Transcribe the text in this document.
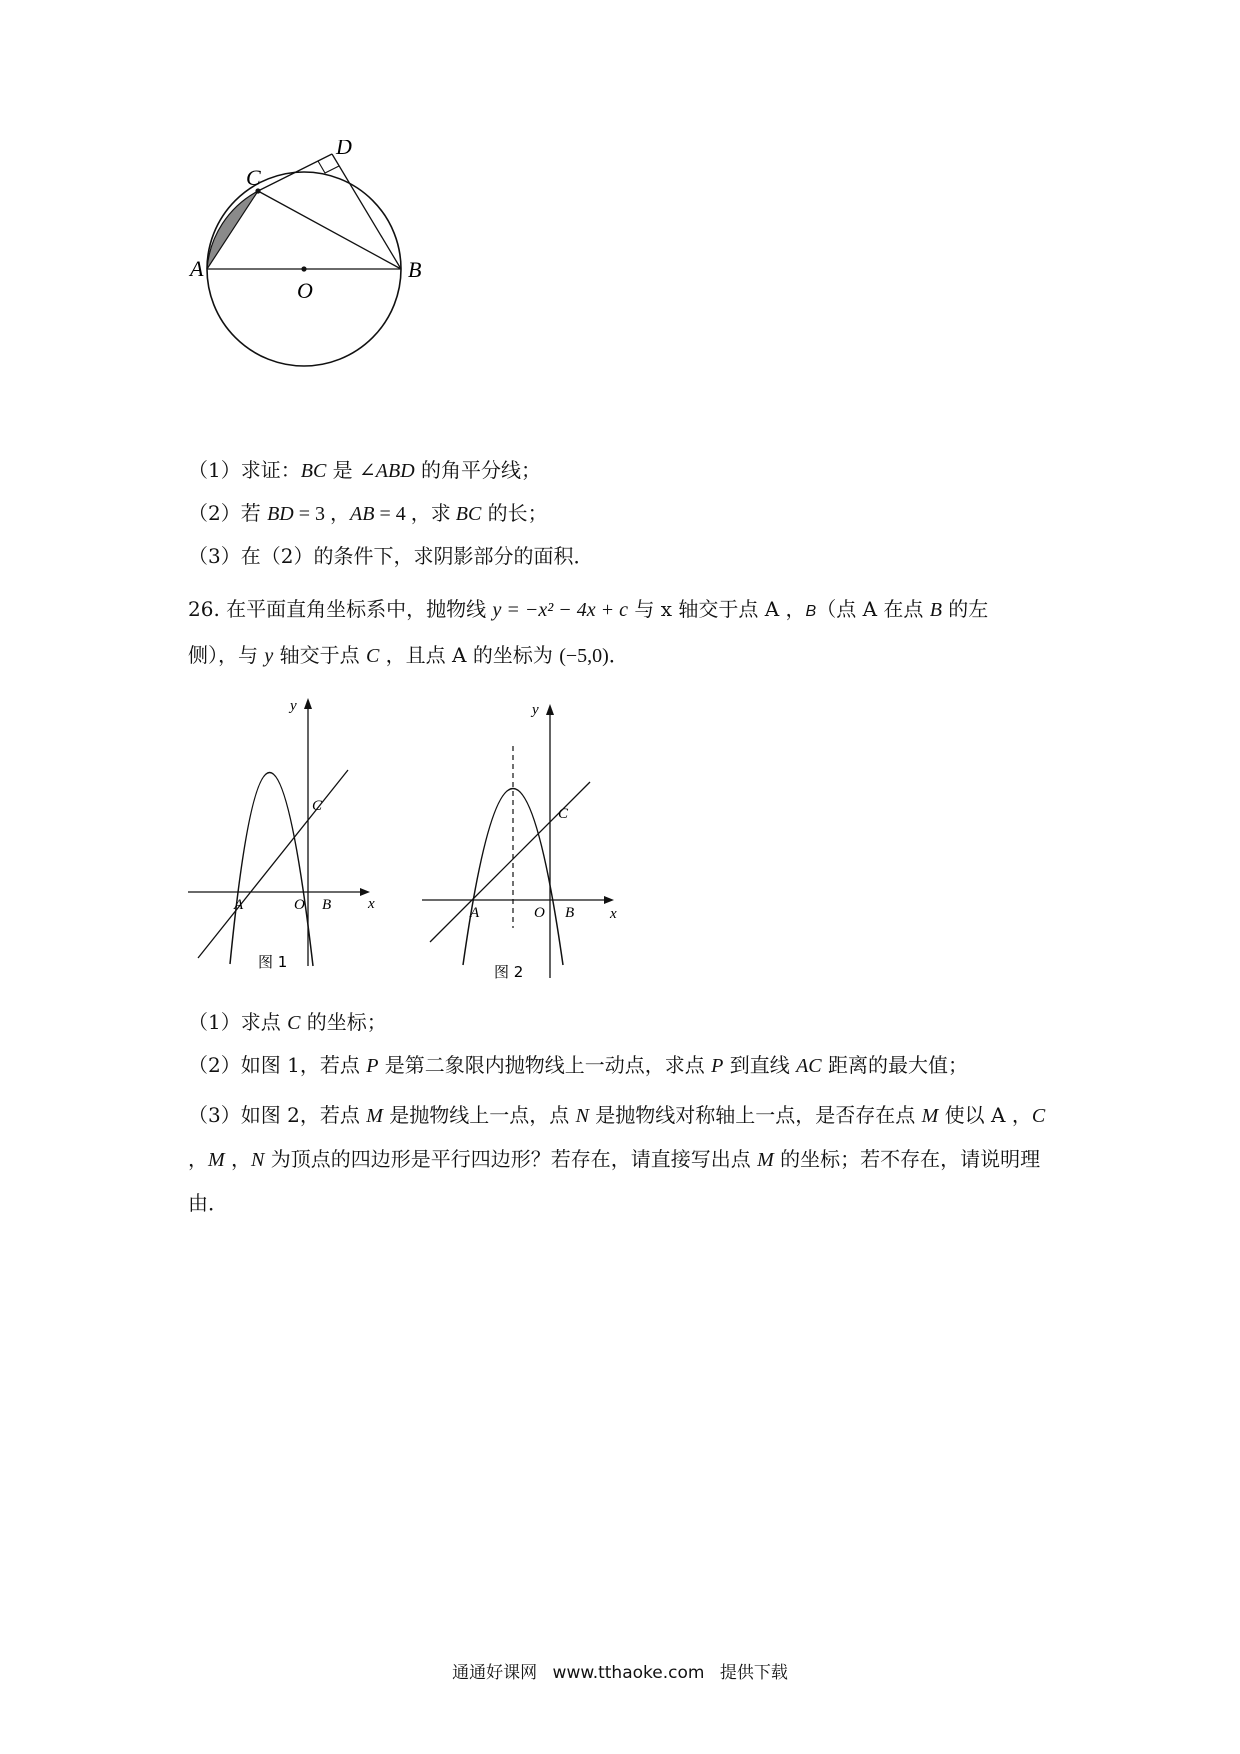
A	B
C
D
O
（1）求证：BC 是 ∠ABD 的角平分线；
（2）若 BD = 3 ，AB = 4 ，求 BC 的长；
（3）在（2）的条件下，求阴影部分的面积．
26. 在平面直角坐标系中，抛物线 y = −x² − 4x + c 与 x 轴交于点 A ，B（点 A 在点 B 的左
侧），与 y 轴交于点 C ，且点 A 的坐标为 (−5,0)．
y
x
A	O B
C
图 1
y
x
A	O B
C
图 2
（1）求点 C 的坐标；
（2）如图 1，若点 P 是第二象限内抛物线上一动点，求点 P 到直线 AC 距离的最大值；
（3）如图 2，若点 M 是抛物线上一点，点 N 是抛物线对称轴上一点，是否存在点 M 使以 A ，C ，M ，N 为顶点的四边形是平行四边形？若存在，请直接写出点 M 的坐标；若不存在，请说明理由．
通通好课网 www.tthaoke.com 提供下载
